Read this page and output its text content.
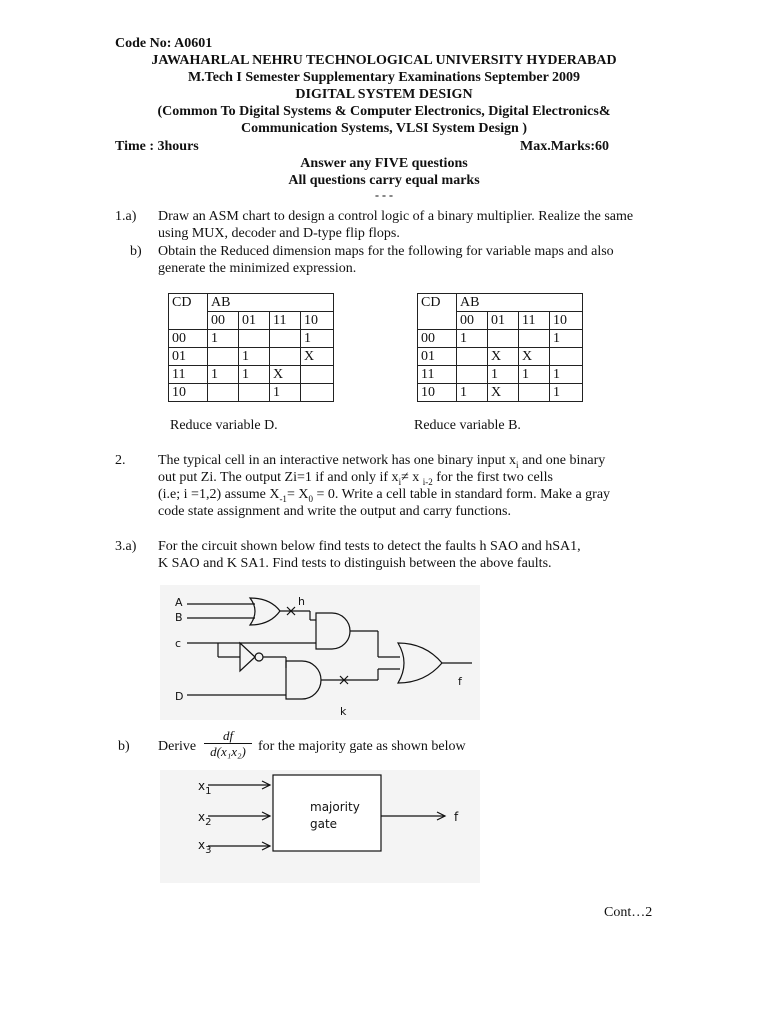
Code No: A0601
JAWAHARLAL NEHRU TECHNOLOGICAL UNIVERSITY HYDERABAD
M.Tech I Semester Supplementary Examinations September 2009
DIGITAL SYSTEM DESIGN
(Common To Digital Systems & Computer Electronics, Digital Electronics&
Communication Systems, VLSI System Design )
Time : 3hours	Max.Marks:60
Answer any FIVE questions
All questions carry equal marks
- - -
1.a) Draw an ASM chart to design a control logic of a binary multiplier. Realize the same using MUX, decoder and D-type flip flops.
b) Obtain the Reduced dimension maps for the following for variable maps and also generate the minimized expression.
CD	AB			
	00	01	11	10
00	1			1
01		1		X
11	1	1	X	
10			1	
Reduce variable D.
CD	AB			
	00	01	11	10
00	1			1
01		X	X	
11		1	1	1
10	1	X		1
Reduce variable B.
2. The typical cell in an interactive network has one binary input $x_i$ and one binary
out put Zi. The output Zi=1 if and only if $x_i\ne x$ $_{i-2}$ for the first two cells
(i.e; i =1,2) assume $X_{-1}= X_0 = 0$. Write a cell table in standard form. Make a gray
code state assignment and write the output and carry functions.
3.a) For the circuit shown below find tests to detect the faults h SAO and hSA1,
K SAO and K SA1. Find tests to distinguish between the above faults.
A
B
c
D
h
k
f
b) Derive $\frac{df}{\text{d(x₁x₂)}}$ for the majority gate as shown below
$x_1$
$x_2$
$x_3$
majority
gate	f
Cont…2
